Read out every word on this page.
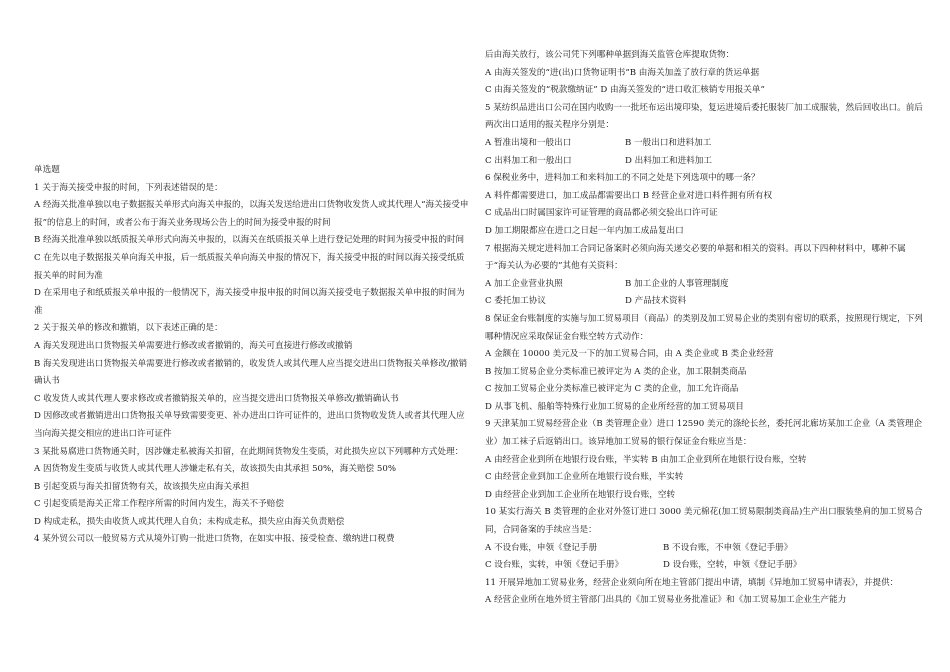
单选题

1 关于海关接受申报的时间，下列表述错误的是：

A 经海关批准单独以电子数据报关单形式向海关申报的，以海关发送给进出口货物收发货人或其代理人“海关接受申报”的信息上的时间，或者公布于海关业务现场公告上的时间为接受申报的时间

B 经海关批准单独以纸质报关单形式向海关申报的，以海关在纸质报关单上进行登记处理的时间为接受申报的时间

C 在先以电子数据报关单向海关申报，后一纸质报关单向海关申报的情况下，海关接受申报的时间以海关接受纸质报关单的时间为准

D 在采用电子和纸质报关单申报的一般情况下，海关接受申报申报的时间以海关接受电子数据报关单申报的时间为准

2 关于报关单的修改和撤销，以下表述正确的是：

A 海关发现进出口货物报关单需要进行修改或者撤销的，海关可直接进行修改或撤销

B 海关发现进出口货物报关单需要进行修改或者撤销的，收发货人或其代理人应当提交进出口货物报关单修改/撤销确认书

C 收发货人或其代理人要求修改或者撤销报关单的，应当提交进出口货物报关单修改/撤销确认书

D 因修改或者撤销进出口货物报关单导致需要变更、补办进出口许可证件的，进出口货物收发货人或者其代理人应当向海关提交相应的进出口许可证件

3 某批易腐进口货物通关时，因涉嫌走私被海关扣留，在此期间货物发生变质，对此损失应以下列哪种方式处理：

A 因货物发生变质与收货人或其代理人涉嫌走私有关，故该损失由其承担 50%，海关赔偿 50%

B 引起变质与海关扣留货物有关，故该损失应由海关承担

C 引起变质是海关正常工作程序所需的时间内发生，海关不予赔偿

D 构成走私，损失由收货人或其代理人自负；未构成走私，损失应由海关负责赔偿

4 某外贸公司以一般贸易方式从境外订购一批进口货物，在如实申报、接受检查、缴纳进口税费

后由海关放行，该公司凭下列哪种单据到海关监管仓库提取货物：

A 由海关签发的“进(出)口货物证明书”B 由海关加盖了放行章的货运单据

C 由海关签发的“税款缴纳证” D 由海关签发的“进口收汇核销专用报关单”

5 某纺织品进出口公司在国内收购一一批坯布运出境印染，复运进境后委托服装厂加工成服装，然后回收出口。前后两次出口适用的报关程序分别是：

A 暂准出境和一般出口	B 一般出口和进料加工

C 出料加工和一般出口	D 出料加工和进料加工

6 保税业务中，进料加工和来料加工的不同之处是下列选项中的哪一条？

A 料件都需要进口，加工成品都需要出口 B 经营企业对进口料件拥有所有权

C 成品出口时属国家许可证管理的商品都必须交验出口许可证

D 加工期限都应在进口之日起一年内加工成品复出口

7 根据海关规定进料加工合同记备案时必须向海关递交必要的单据和相关的资料。再以下四种材料中，哪种不属于“海关认为必要的”其他有关资料：

A 加工企业营业执照	B 加工企业的人事管理制度

C 委托加工协议	D 产品技术资料

8 保证金台账制度的实施与加工贸易项目（商品）的类别及加工贸易企业的类别有密切的联系，按照现行规定，下列哪种情况应采取保证金台账空转方式动作：

A 金额在 10000 美元及一下的加工贸易合同，由 A 类企业或 B 类企业经营

B 按加工贸易企业分类标准已被评定为 A 类的企业，加工限制类商品

C 按加工贸易企业分类标准已被评定为 C 类的企业，加工允许商品

D 从事飞机、船舶等特殊行业加工贸易的企业所经营的加工贸易项目

9 天津某加工贸易经营企业（B 类管理企业）进口 12590 美元的涤纶长丝，委托河北廊坊某加工企业（A 类管理企业）加工袜子后返销出口。该异地加工贸易的银行保证金台账应当是：

A 由经营企业到所在地银行设台账，半实转 B 由加工企业到所在地银行设台账，空转

C 由经营企业到加工企业所在地银行设台账，半实转

D 由经营企业到加工企业所在地银行设台账，空转

10 某实行海关 B 类管理的企业对外签订进口 3000 美元棉花(加工贸易限制类商品)生产出口服装垫肩的加工贸易合同，合同备案的手续应当是：

A 不设台账，申领《登记手册	B 不设台账，不申领《登记手册》

C 设台账，实转，申领《登记手册》	D 设台账，空转，申领《登记手册》

11 开展异地加工贸易业务，经营企业须向所在地主管部门提出申请，填制《异地加工贸易申请表》，并提供：

A 经营企业所在地外贸主管部门出具的《加工贸易业务批准证》和《加工贸易加工企业生产能力
